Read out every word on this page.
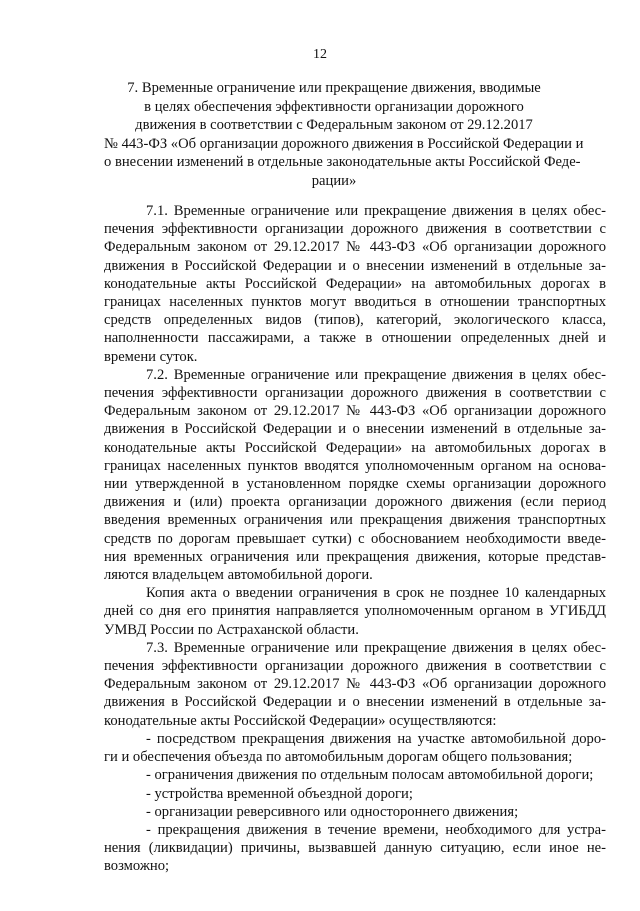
12
7. Временные ограничение или прекращение движения, вводимые
в целях обеспечения эффективности организации дорожного
движения в соответствии с Федеральным законом от 29.12.2017
№ 443-ФЗ «Об организации дорожного движения в Российской Федерации и
о внесении изменений в отдельные законодательные акты Российской Феде-
рации»
7.1. Временные ограничение или прекращение движения в целях обес-
печения эффективности организации дорожного движения в соответствии с
Федеральным законом от 29.12.2017 № 443-ФЗ «Об организации дорожного
движения в Российской Федерации и о внесении изменений в отдельные за-
конодательные акты Российской Федерации» на автомобильных дорогах в
границах населенных пунктов могут вводиться в отношении транспортных
средств определенных видов (типов), категорий, экологического класса,
наполненности пассажирами, а также в отношении определенных дней и
времени суток.
7.2. Временные ограничение или прекращение движения в целях обес-
печения эффективности организации дорожного движения в соответствии с
Федеральным законом от 29.12.2017 № 443-ФЗ «Об организации дорожного
движения в Российской Федерации и о внесении изменений в отдельные за-
конодательные акты Российской Федерации» на автомобильных дорогах в
границах населенных пунктов вводятся уполномоченным органом на основа-
нии утвержденной в установленном порядке схемы организации дорожного
движения и (или) проекта организации дорожного движения (если период
введения временных ограничения или прекращения движения транспортных
средств по дорогам превышает сутки) с обоснованием необходимости введе-
ния временных ограничения или прекращения движения, которые представ-
ляются владельцем автомобильной дороги.
Копия акта о введении ограничения в срок не позднее 10 календарных
дней со дня его принятия направляется уполномоченным органом в УГИБДД
УМВД России по Астраханской области.
7.3. Временные ограничение или прекращение движения в целях обес-
печения эффективности организации дорожного движения в соответствии с
Федеральным законом от 29.12.2017 № 443-ФЗ «Об организации дорожного
движения в Российской Федерации и о внесении изменений в отдельные за-
конодательные акты Российской Федерации» осуществляются:
- посредством прекращения движения на участке автомобильной доро-
ги и обеспечения объезда по автомобильным дорогам общего пользования;
- ограничения движения по отдельным полосам автомобильной дороги;
- устройства временной объездной дороги;
- организации реверсивного или одностороннего движения;
- прекращения движения в течение времени, необходимого для устра-
нения (ликвидации) причины, вызвавшей данную ситуацию, если иное не-
возможно;
